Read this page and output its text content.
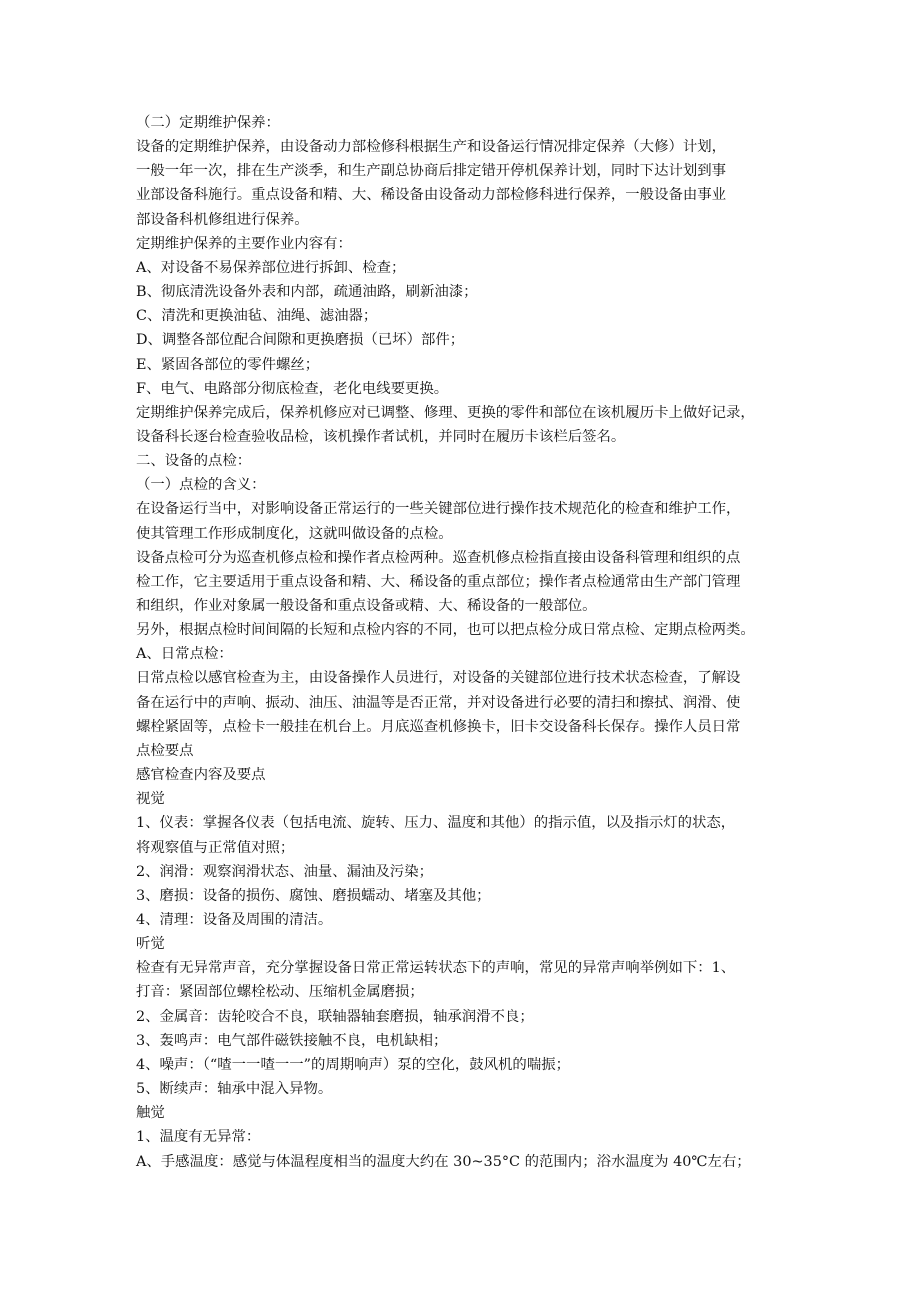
（二）定期维护保养：
设备的定期维护保养，由设备动力部检修科根据生产和设备运行情况排定保养（大修）计划，
一般一年一次，排在生产淡季，和生产副总协商后排定错开停机保养计划，同时下达计划到事
业部设备科施行。重点设备和精、大、稀设备由设备动力部检修科进行保养，一般设备由事业
部设备科机修组进行保养。
定期维护保养的主要作业内容有：
A、对设备不易保养部位进行拆卸、检查；
B、彻底清洗设备外表和内部，疏通油路，刷新油漆；
C、清洗和更换油毡、油绳、滤油器；
D、调整各部位配合间隙和更换磨损（已坏）部件；
E、紧固各部位的零件螺丝；
F、电气、电路部分彻底检查，老化电线要更换。
定期维护保养完成后，保养机修应对已调整、修理、更换的零件和部位在该机履历卡上做好记录，
设备科长逐台检查验收品检，该机操作者试机，并同时在履历卡该栏后签名。
二、设备的点检：
（一）点检的含义：
在设备运行当中，对影响设备正常运行的一些关键部位进行操作技术规范化的检查和维护工作，
使其管理工作形成制度化，这就叫做设备的点检。
设备点检可分为巡查机修点检和操作者点检两种。巡查机修点检指直接由设备科管理和组织的点
检工作，它主要适用于重点设备和精、大、稀设备的重点部位；操作者点检通常由生产部门管理
和组织，作业对象属一般设备和重点设备或精、大、稀设备的一般部位。
另外，根据点检时间间隔的长短和点检内容的不同，也可以把点检分成日常点检、定期点检两类。
A、日常点检：
日常点检以感官检查为主，由设备操作人员进行，对设备的关键部位进行技术状态检查，了解设
备在运行中的声响、振动、油压、油温等是否正常，并对设备进行必要的清扫和擦拭、润滑、使
螺栓紧固等，点检卡一般挂在机台上。月底巡查机修换卡，旧卡交设备科长保存。操作人员日常
点检要点
感官检查内容及要点
视觉
1、仪表：掌握各仪表（包括电流、旋转、压力、温度和其他）的指示值，以及指示灯的状态，
将观察值与正常值对照；
2、润滑：观察润滑状态、油量、漏油及污染；
3、磨损：设备的损伤、腐蚀、磨损蠕动、堵塞及其他；
4、清理：设备及周围的清洁。
听觉
检查有无异常声音，充分掌握设备日常正常运转状态下的声响，常见的异常声响举例如下：1、
打音：紧固部位螺栓松动、压缩机金属磨损；
2、金属音：齿轮咬合不良，联轴器轴套磨损，轴承润滑不良；
3、轰鸣声：电气部件磁铁接触不良，电机缺相；
4、噪声：（“喳一一喳一一”的周期响声）泵的空化，鼓风机的喘振；
5、断续声：轴承中混入异物。
触觉
1、温度有无异常：
A、手感温度：感觉与体温程度相当的温度大约在 30~35°C 的范围内；浴水温度为 40℃左右；
